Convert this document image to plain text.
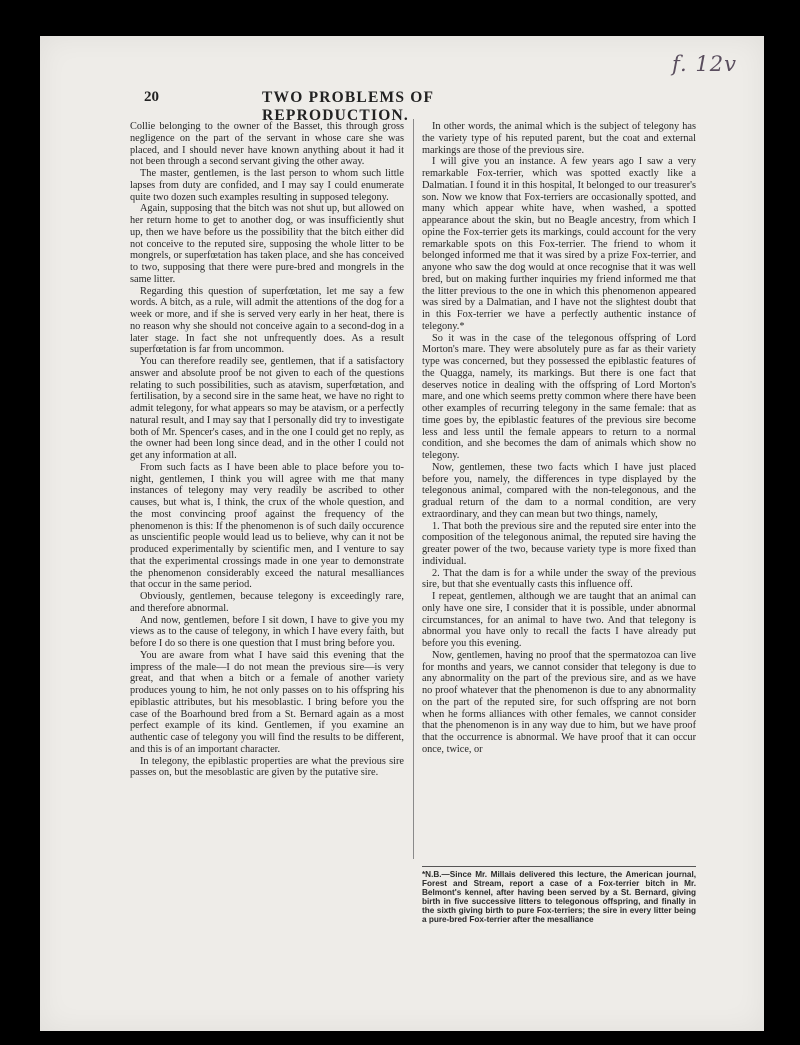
f. 12v
20	TWO PROBLEMS OF REPRODUCTION.

Collie belonging to the owner of the Basset, this through gross negligence on the part of the servant in whose care she was placed, and I should never have known anything about it had it not been through a second servant giving the other away.

The master, gentlemen, is the last person to whom such little lapses from duty are confided, and I may say I could enumerate quite two dozen such examples resulting in supposed telegony.

Again, supposing that the bitch was not shut up, but allowed on her return home to get to another dog, or was insufficiently shut up, then we have before us the possibility that the bitch either did not conceive to the reputed sire, supposing the whole litter to be mongrels, or superfœtation has taken place, and she has conceived to two, supposing that there were pure-bred and mongrels in the same litter.

Regarding this question of superfœtation, let me say a few words. A bitch, as a rule, will admit the attentions of the dog for a week or more, and if she is served very early in her heat, there is no reason why she should not conceive again to a second-dog in a later stage. In fact she not unfrequently does. As a result superfœtation is far from uncommon.

You can therefore readily see, gentlemen, that if a satisfactory answer and absolute proof be not given to each of the questions relating to such possibilities, such as atavism, superfœtation, and fertilisation, by a second sire in the same heat, we have no right to admit telegony, for what appears so may be atavism, or a perfectly natural result, and I may say that I personally did try to investigate both of Mr. Spencer's cases, and in the one I could get no reply, as the owner had been long since dead, and in the other I could not get any information at all.

From such facts as I have been able to place before you to-night, gentlemen, I think you will agree with me that many instances of telegony may very readily be ascribed to other causes, but what is, I think, the crux of the whole question, and the most convincing proof against the frequency of the phenomenon is this: If the phenomenon is of such daily occurence as unscientific people would lead us to believe, why can it not be produced experimentally by scientific men, and I venture to say that the experimental crossings made in one year to demonstrate the phenomenon considerably exceed the natural mesalliances that occur in the same period.

Obviously, gentlemen, because telegony is exceedingly rare, and therefore abnormal.

And now, gentlemen, before I sit down, I have to give you my views as to the cause of telegony, in which I have every faith, but before I do so there is one question that I must bring before you.

You are aware from what I have said this evening that the impress of the male—I do not mean the previous sire—is very great, and that when a bitch or a female of another variety produces young to him, he not only passes on to his offspring his epiblastic attributes, but his mesoblastic. I bring before you the case of the Boarhound bred from a St. Bernard again as a most perfect example of its kind. Gentlemen, if you examine an authentic case of telegony you will find the results to be different, and this is of an important character.

In telegony, the epiblastic properties are what the previous sire passes on, but the mesoblastic are given by the putative sire.

In other words, the animal which is the subject of telegony has the variety type of his reputed parent, but the coat and external markings are those of the previous sire.

I will give you an instance. A few years ago I saw a very remarkable Fox-terrier, which was spotted exactly like a Dalmatian. I found it in this hospital, It belonged to our treasurer's son. Now we know that Fox-terriers are occasionally spotted, and many which appear white have, when washed, a spotted appearance about the skin, but no Beagle ancestry, from which I opine the Fox-terrier gets its markings, could account for the very remarkable spots on this Fox-terrier. The friend to whom it belonged informed me that it was sired by a prize Fox-terrier, and anyone who saw the dog would at once recognise that it was well bred, but on making further inquiries my friend informed me that the litter previous to the one in which this phenomenon appeared was sired by a Dalmatian, and I have not the slightest doubt that in this Fox-terrier we have a perfectly authentic instance of telegony.*

So it was in the case of the telegonous offspring of Lord Morton's mare. They were absolutely pure as far as their variety type was concerned, but they possessed the epiblastic features of the Quagga, namely, its markings. But there is one fact that deserves notice in dealing with the offspring of Lord Morton's mare, and one which seems pretty common where there have been other examples of recurring telegony in the same female: that as time goes by, the epiblastic features of the previous sire become less and less until the female appears to return to a normal condition, and she becomes the dam of animals which show no telegony.

Now, gentlemen, these two facts which I have just placed before you, namely, the differences in type displayed by the telegonous animal, compared with the non-telegonous, and the gradual return of the dam to a normal condition, are very extraordinary, and they can mean but two things, namely,

1. That both the previous sire and the reputed sire enter into the composition of the telegonous animal, the reputed sire having the greater power of the two, because variety type is more fixed than individual.

2. That the dam is for a while under the sway of the previous sire, but that she eventually casts this influence off.

I repeat, gentlemen, although we are taught that an animal can only have one sire, I consider that it is possible, under abnormal circumstances, for an animal to have two. And that telegony is abnormal you have only to recall the facts I have already put before you this evening.

Now, gentlemen, having no proof that the spermatozoa can live for months and years, we cannot consider that telegony is due to any abnormality on the part of the previous sire, and as we have no proof whatever that the phenomenon is due to any abnormality on the part of the reputed sire, for such offspring are not born when he forms alliances with other females, we cannot consider that the phenomenon is in any way due to him, but we have proof that the occurrence is abnormal. We have proof that it can occur once, twice, or

*N.B.—Since Mr. Millais delivered this lecture, the American journal, Forest and Stream, report a case of a Fox-terrier bitch in Mr. Belmont's kennel, after having been served by a St. Bernard, giving birth in five successive litters to telegonous offspring, and finally in the sixth giving birth to pure Fox-terriers; the sire in every litter being a pure-bred Fox-terrier after the mesalliance
